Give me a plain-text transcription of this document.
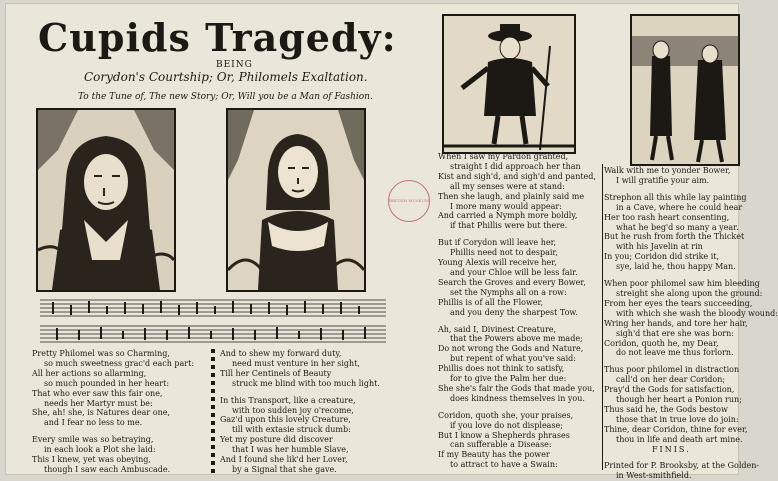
Cupids Tragedy:
BEING
Corydon's Courtship; Or, Philomels Exaltation.
To the Tune of, The new Story; Or, Will you be a Man of Fashion.
BRITISH MUSEUM
Pretty Philomel was so Charming,
so much sweetness grac'd each part:
All her actions so allarming,
so much pounded in her heart:
That who ever saw this fair one,
needs her Martyr must be:
She, ah! she, is Natures dear one,
and I fear no less to me.
Every smile was so betraying,
in each look a Plot she laid:
This I knew, yet was obeying,
though I saw each Ambuscade.
And to shew my forward duty,
need must venture in her sight,
Till her Centinels of Beauty
struck me blind with too much light.
In this Transport, like a creature,
with too sudden joy o'recome,
Gaz'd upon this lovely Creature,
till with extasie struck dumb:
Yet my posture did discover
that I was her humble Slave,
And I found she lik'd her Lover,
by a Signal that she gave.
When I saw my Pardon granted,
straight I did approach her than
Kist and sigh'd, and sigh'd and panted,
all my senses were at stand:
Then she laugh, and plainly said me
I more many would appear:
And carried a Nymph more boldly,
if that Phillis were but there.
But if Corydon will leave her,
Phillis need not to despair,
Young Alexis will receive her,
and your Chloe will be less fair.
Search the Groves and every Bower,
set the Nymphs all on a row:
Phillis is of all the Flower,
and you deny the sharpest Tow.
Ah, said I, Divinest Creature,
that the Powers above me made;
Do not wrong the Gods and Nature,
but repent of what you've said:
Phillis does not think to satisfy,
for to give the Palm her due:
She she's fair the Gods that made you,
does kindness themselves in you.
Coridon, quoth she, your praises,
if you love do not displease;
But I know a Shepherds phrases
can sufferable a Disease:
If my Beauty has the power
to attract to have a Swain:
Walk with me to yonder Bower,
I will gratifie your aim.
Strephon all this while lay painting
in a Cave, where he could hear
Her too rash heart consenting,
what he beg'd so many a year.
But he rush from forth the Thicket
with his Javelin at rin
In you; Coridon did strike it,
sye, laid he, thou happy Man.
When poor philomel saw him bleeding
streight she along upon the ground:
From her eyes the tears succeeding,
with which she wash the bloody wound:
Wring her hands, and tore her hair,
sigh'd that ere she was born:
Coridon, quoth he, my Dear,
do not leave me thus forlorn.
Thus poor philomel in distraction
call'd on her dear Coridon;
Pray'd the Gods for satisfaction,
though her heart a Ponion run;
Thus said he, the Gods bestow
those that in true love do join:
Thine, dear Coridon, thine for ever,
thou in life and death art mine.
FINIS.
Printed for P. Brooksby, at the Golden-
in West-smithfield.
